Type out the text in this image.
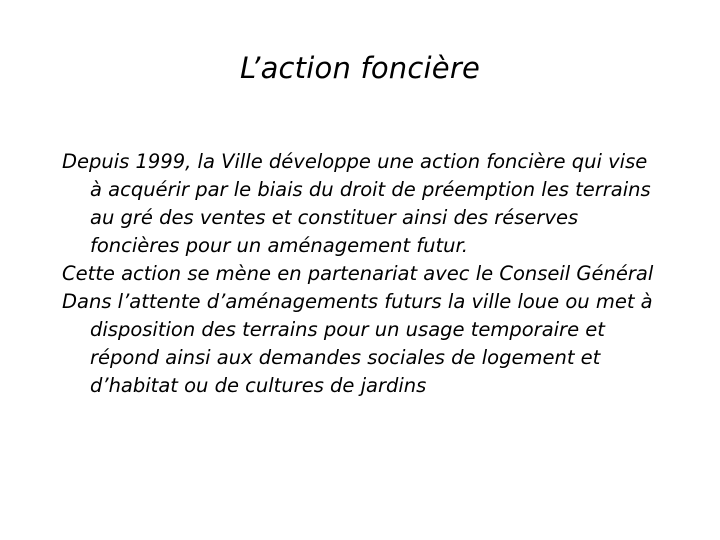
L’action foncière
Depuis 1999, la Ville développe une action foncière qui vise à acquérir par le biais du droit de préemption les terrains au gré des ventes et constituer ainsi des réserves foncières pour un aménagement futur.
Cette action se mène en partenariat avec le Conseil Général
Dans l’attente d’aménagements futurs la ville loue ou met à disposition des terrains pour un usage temporaire et répond ainsi aux demandes sociales de logement et d’habitat ou de cultures de jardins
